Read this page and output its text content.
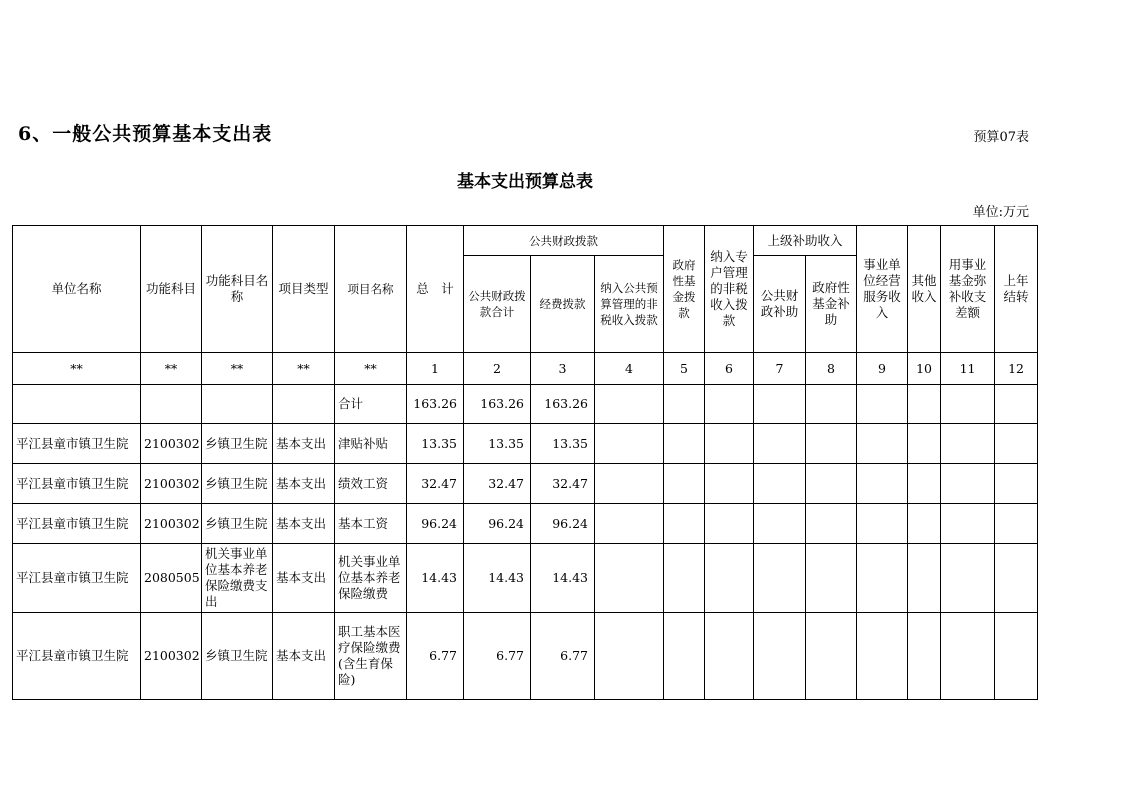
6、一般公共预算基本支出表	预算07表
基本支出预算总表
单位:万元
单位名称	功能科目	功能科目名称	项目类型	项目名称	总　计	公共财政拨款			政府性基金拨款	纳入专户管理的非税收入拨款	上级补助收入		事业单位经营服务收入	其他收入	用事业基金弥补收支差额	上年结转
						公共财政拨款合计	经费拨款	纳入公共预算管理的非税收入拨款			公共财政补助	政府性基金补助				
**	**	**	**	**	1	2	3	4	5	6	7	8	9	10	11	12
				合计	163.26	163.26	163.26									
平江县童市镇卫生院	2100302	乡镇卫生院	基本支出	津贴补贴	13.35	13.35	13.35									
平江县童市镇卫生院	2100302	乡镇卫生院	基本支出	绩效工资	32.47	32.47	32.47									
平江县童市镇卫生院	2100302	乡镇卫生院	基本支出	基本工资	96.24	96.24	96.24									
平江县童市镇卫生院	2080505	机关事业单位基本养老保险缴费支出	基本支出	机关事业单位基本养老保险缴费	14.43	14.43	14.43									
平江县童市镇卫生院	2100302	乡镇卫生院	基本支出	职工基本医疗保险缴费(含生育保险)	6.77	6.77	6.77									
